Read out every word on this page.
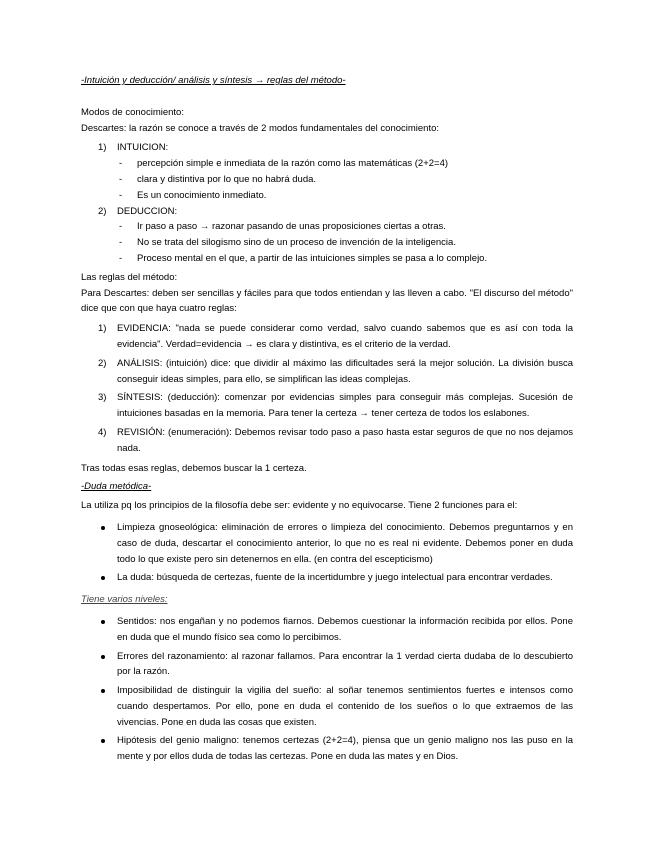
-Intuición y deducción/ análisis y síntesis → reglas del método-

Modos de conocimiento:

Descartes: la razón se conoce a través de 2 modos fundamentales del conocimiento:

1) INTUICION:
- percepción simple e inmediata de la razón como las matemáticas (2+2=4)
- clara y distintiva por lo que no habrá duda.
- Es un conocimiento inmediato.
2) DEDUCCION:
- Ir paso a paso → razonar pasando de unas proposiciones ciertas a otras.
- No se trata del silogismo sino de un proceso de invención de la inteligencia.
- Proceso mental en el que, a partir de las intuiciones simples se pasa a lo complejo.

Las reglas del método:

Para Descartes: deben ser sencillas y fáciles para que todos entiendan y las lleven a cabo. "El discurso del método" dice que con que haya cuatro reglas:

1) EVIDENCIA: "nada se puede considerar como verdad, salvo cuando sabemos que es así con toda la evidencia". Verdad=evidencia → es clara y distintiva, es el criterio de la verdad.
2) ANÁLISIS: (intuición) dice: que dividir al máximo las dificultades será la mejor solución. La división busca conseguir ideas simples, para ello, se simplifican las ideas complejas.
3) SÍNTESIS: (deducción): comenzar por evidencias simples para conseguir más complejas. Sucesión de intuiciones basadas en la memoria. Para tener la certeza → tener certeza de todos los eslabones.
4) REVISIÓN: (enumeración): Debemos revisar todo paso a paso hasta estar seguros de que no nos dejamos nada.

Tras todas esas reglas, debemos buscar la 1 certeza.

-Duda metódica-

La utiliza pq los principios de la filosofía debe ser: evidente y no equivocarse. Tiene 2 funciones para el:

Limpieza gnoseológica: eliminación de errores o limpieza del conocimiento. Debemos preguntarnos y en caso de duda, descartar el conocimiento anterior, lo que no es real ni evidente. Debemos poner en duda todo lo que existe pero sin detenernos en ella. (en contra del escepticismo)
La duda: búsqueda de certezas, fuente de la incertidumbre y juego intelectual para encontrar verdades.

Tiene varios niveles:

Sentidos: nos engañan y no podemos fiarnos. Debemos cuestionar la información recibida por ellos. Pone en duda que el mundo físico sea como lo percibimos.
Errores del razonamiento: al razonar fallamos. Para encontrar la 1 verdad cierta dudaba de lo descubierto por la razón.
Imposibilidad de distinguir la vigilia del sueño: al soñar tenemos sentimientos fuertes e intensos como cuando despertamos. Por ello, pone en duda el contenido de los sueños o lo que extraemos de las vivencias. Pone en duda las cosas que existen.
Hipótesis del genio maligno: tenemos certezas (2+2=4), piensa que un genio maligno nos las puso en la mente y por ellos duda de todas las certezas. Pone en duda las mates y en Dios.
